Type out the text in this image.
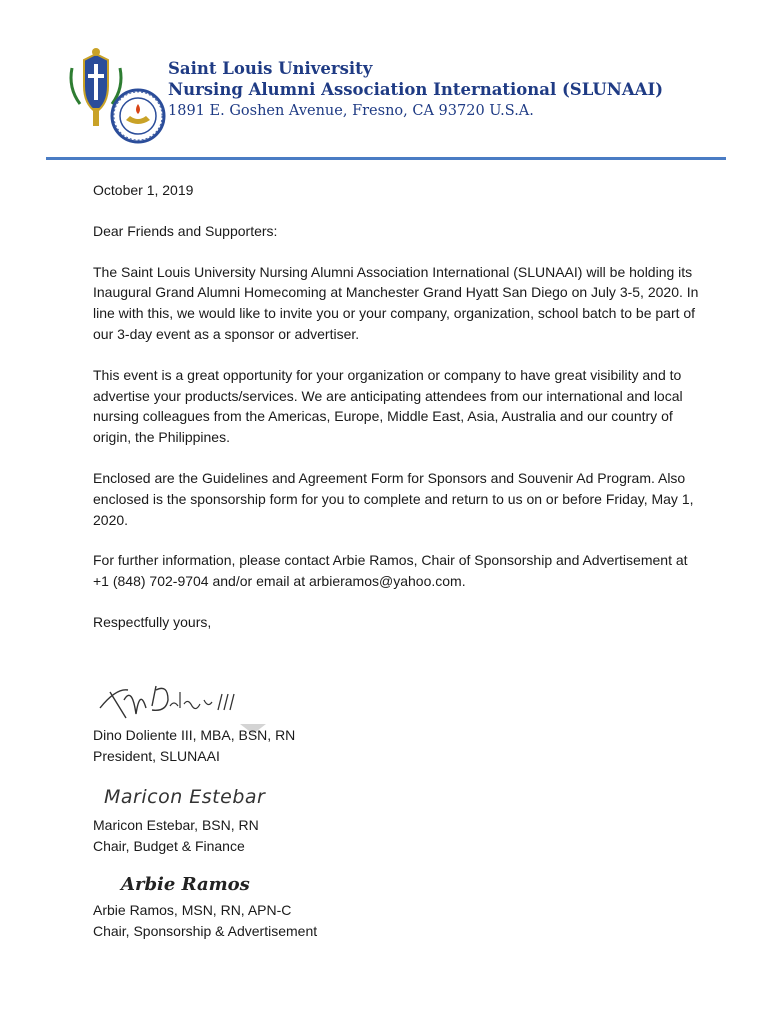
Saint Louis University
Nursing Alumni Association International (SLUNAAI)
1891 E. Goshen Avenue, Fresno, CA 93720 U.S.A.

October 1, 2019

Dear Friends and Supporters:

The Saint Louis University Nursing Alumni Association International (SLUNAAI) will be holding its Inaugural Grand Alumni Homecoming at Manchester Grand Hyatt San Diego on July 3-5, 2020. In line with this, we would like to invite you or your company, organization, school batch to be part of our 3-day event as a sponsor or advertiser.

This event is a great opportunity for your organization or company to have great visibility and to advertise your products/services. We are anticipating attendees from our international and local nursing colleagues from the Americas, Europe, Middle East, Asia, Australia and our country of origin, the Philippines.

Enclosed are the Guidelines and Agreement Form for Sponsors and Souvenir Ad Program. Also enclosed is the sponsorship form for you to complete and return to us on or before Friday, May 1, 2020.

For further information, please contact Arbie Ramos, Chair of Sponsorship and Advertisement at +1 (848) 702-9704 and/or email at arbieramos@yahoo.com.

Respectfully yours,

Dino Doliente III, MBA, BSN, RN
President, SLUNAAI
Maricon Estebar
Maricon Estebar, BSN, RN
Chair, Budget & Finance
Arbie Ramos
Arbie Ramos, MSN, RN, APN-C
Chair, Sponsorship & Advertisement
